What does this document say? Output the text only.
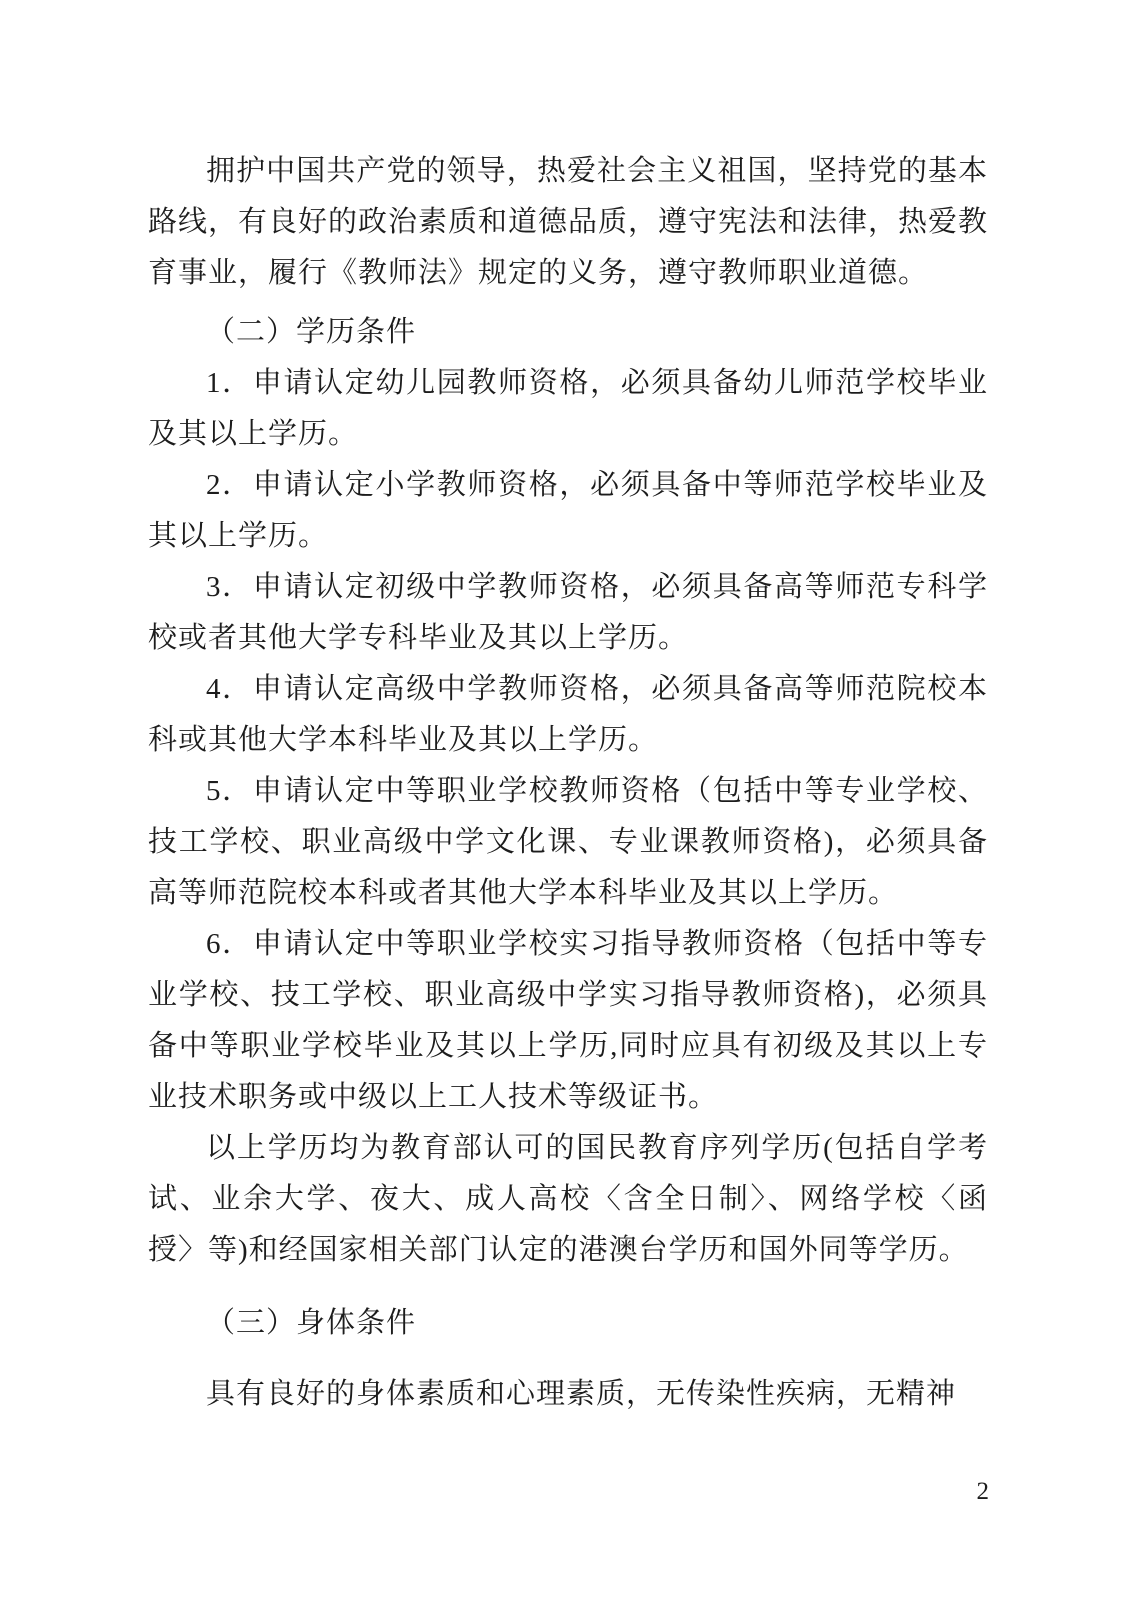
拥护中国共产党的领导，热爱社会主义祖国，坚持党的基本路线，有良好的政治素质和道德品质，遵守宪法和法律，热爱教育事业，履行《教师法》规定的义务，遵守教师职业道德。

（二）学历条件

1．申请认定幼儿园教师资格，必须具备幼儿师范学校毕业及其以上学历。

2．申请认定小学教师资格，必须具备中等师范学校毕业及其以上学历。

3．申请认定初级中学教师资格，必须具备高等师范专科学校或者其他大学专科毕业及其以上学历。

4．申请认定高级中学教师资格，必须具备高等师范院校本科或其他大学本科毕业及其以上学历。

5．申请认定中等职业学校教师资格（包括中等专业学校、技工学校、职业高级中学文化课、专业课教师资格)，必须具备高等师范院校本科或者其他大学本科毕业及其以上学历。

6．申请认定中等职业学校实习指导教师资格（包括中等专业学校、技工学校、职业高级中学实习指导教师资格)，必须具备中等职业学校毕业及其以上学历,同时应具有初级及其以上专业技术职务或中级以上工人技术等级证书。

以上学历均为教育部认可的国民教育序列学历(包括自学考试、业余大学、夜大、成人高校〈含全日制〉、网络学校〈函授〉等)和经国家相关部门认定的港澳台学历和国外同等学历。

（三）身体条件

具有良好的身体素质和心理素质，无传染性疾病，无精神

2
